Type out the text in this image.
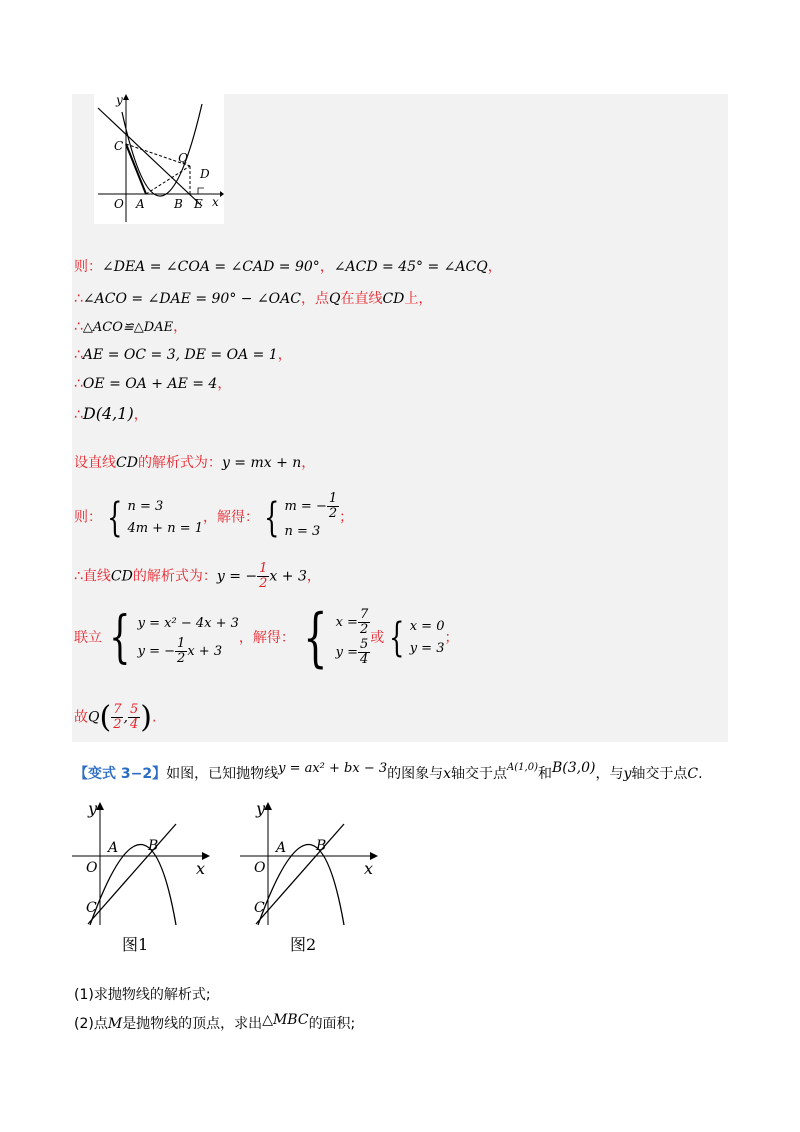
y
x
C
Q
D
O A B E
则：∠DEA = ∠COA = ∠CAD = 90°，∠ACD = 45° = ∠ACQ，
∴∠ACO = ∠DAE = 90° − ∠OAC，点Q在直线CD上，
∴△ACO≌△DAE，
∴AE = OC = 3, DE = OA = 1，
∴OE = OA + AE = 4，
∴D(4,1)，
设直线CD的解析式为：y = mx + n，
则： { n = 3
4m + n = 1
，解得： { m = − $\frac{1}{2}$
n = 3
；
∴直线CD的解析式为：y = − $\frac{1}{2}$ x + 3，
联立 { y = x² − 4x + 3
y = − $\frac{1}{2}$ x + 3
，解得： { $x = \frac{7}{2}$
$y = \frac{5}{4}$ 或 { x = 0
y = 3
；
故$Q( \frac{7}{2}$ , $\frac{5}{4}$ ).
【变式 3−2】如图，已知抛物线y = ax² + bx − 3的图象与x轴交于点$^{A(1,0)}$和B(3,0)，与y轴交于点C.
y
x
A B
O
C
图1
y
x
A B
O
C
图2
(1)求抛物线的解析式;
(2)点M是抛物线的顶点，求出△MBC的面积;
